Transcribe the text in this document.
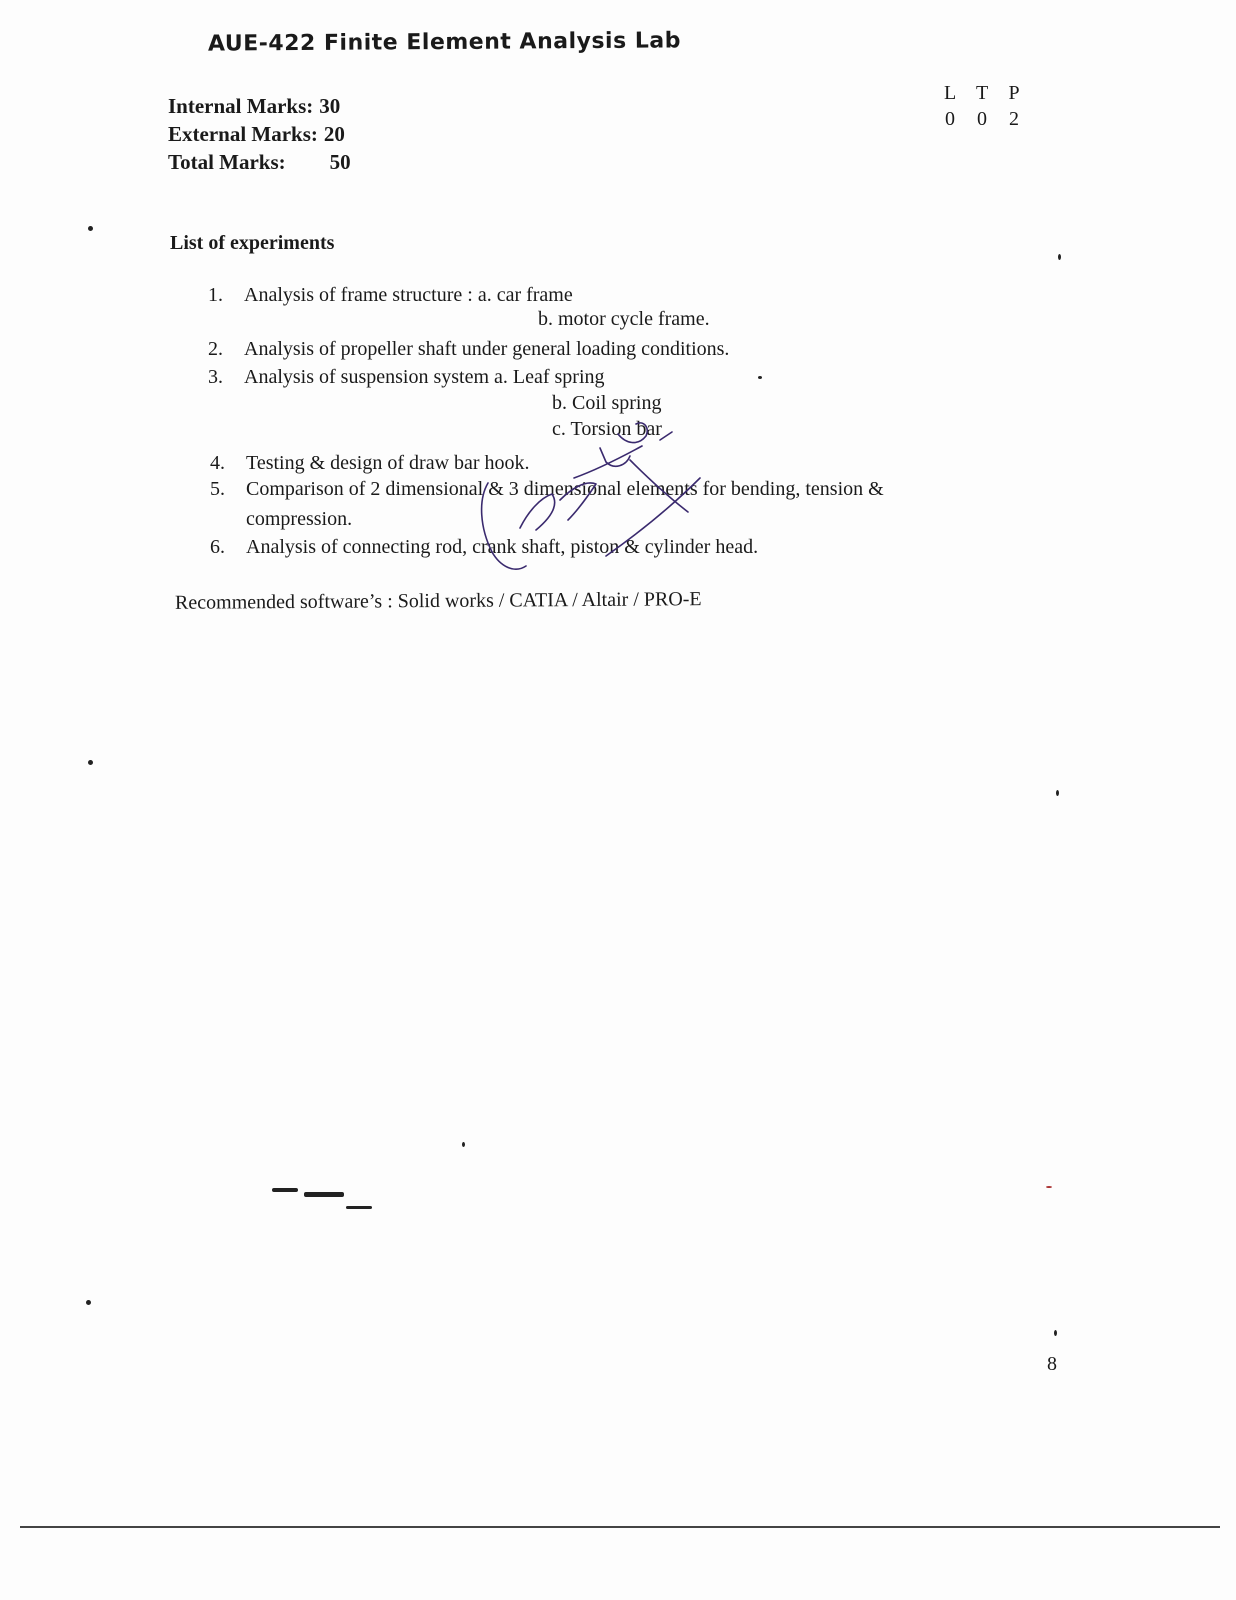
AUE-422 Finite Element Analysis Lab
Internal Marks: 30
External Marks: 20
Total Marks: 50
L T P
0 0 2
List of experiments
1. Analysis of frame structure : a. car frame
b. motor cycle frame.
2. Analysis of propeller shaft under general loading conditions.
3. Analysis of suspension system a. Leaf spring
b. Coil spring
c. Torsion bar
4. Testing & design of draw bar hook.
5. Comparison of 2 dimensional & 3 dimensional elements for bending, tension &
compression.
6. Analysis of connecting rod, crank shaft, piston & cylinder head.
Recommended software’s : Solid works / CATIA / Altair / PRO-E
8
